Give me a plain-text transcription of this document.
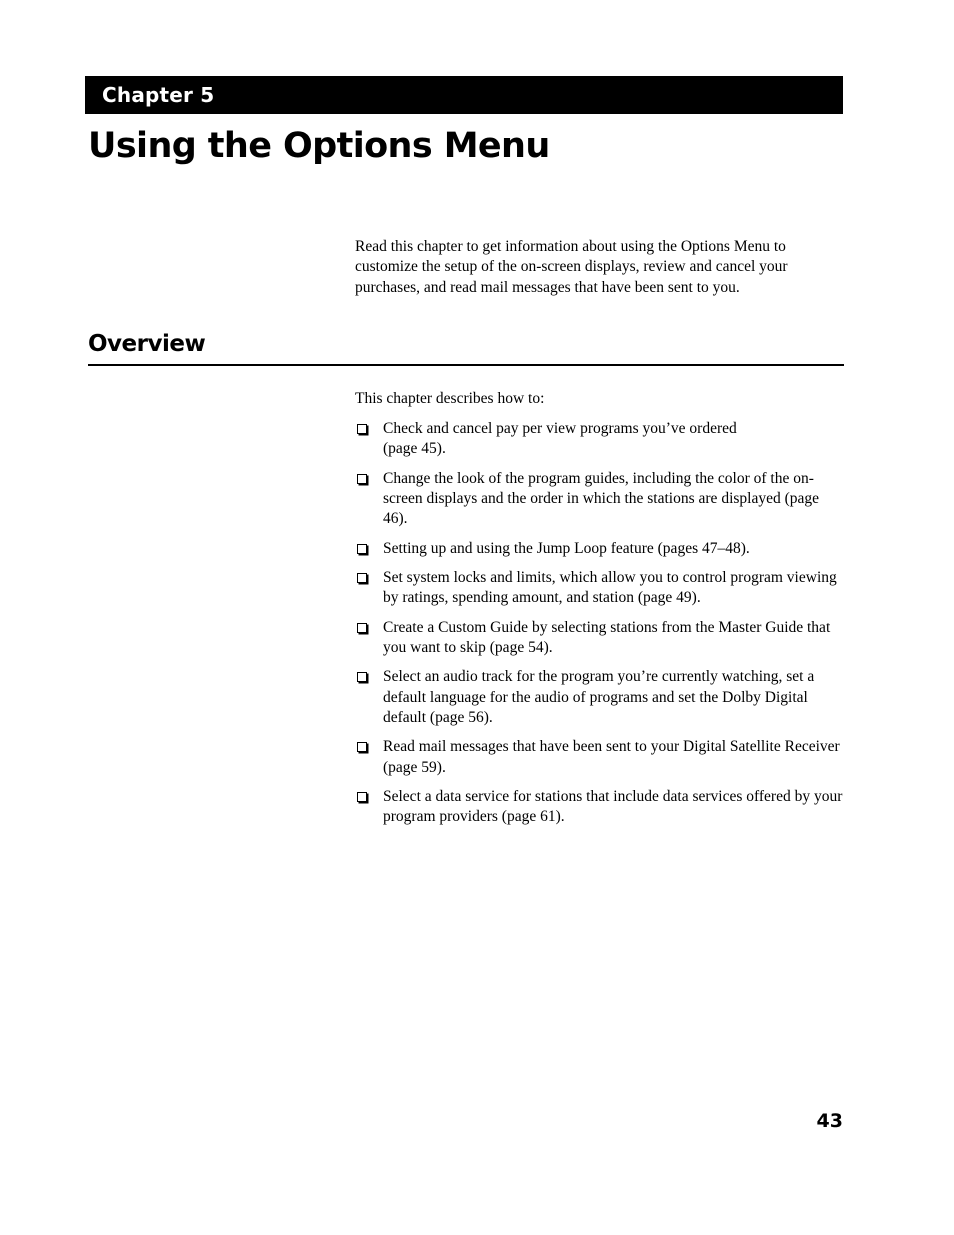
Chapter 5
Using the Options Menu

Read this chapter to get information about using the Options Menu to customize the setup of the on-screen displays, review and cancel your purchases, and read mail messages that have been sent to you.

Overview

This chapter describes how to:

Check and cancel pay per view programs you’ve ordered
(page 45).
Change the look of the program guides, including the color of the on-screen displays and the order in which the stations are displayed (page 46).
Setting up and using the Jump Loop feature (pages 47–48).
Set system locks and limits, which allow you to control program viewing by ratings, spending amount, and station (page 49).
Create a Custom Guide by selecting stations from the Master Guide that you want to skip (page 54).
Select an audio track for the program you’re currently watching, set a default language for the audio of programs and set the Dolby Digital default (page 56).
Read mail messages that have been sent to your Digital Satellite Receiver (page 59).
Select a data service for stations that include data services offered by your program providers (page 61).
43
